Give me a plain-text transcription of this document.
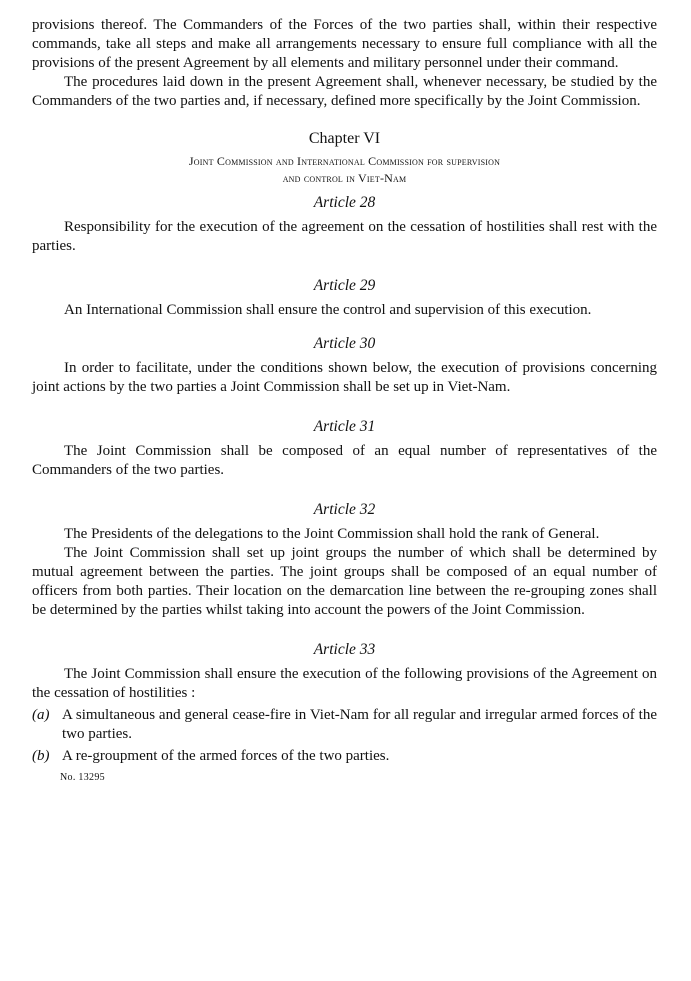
provisions thereof. The Commanders of the Forces of the two parties shall, within their respective commands, take all steps and make all arrangements necessary to ensure full compliance with all the provisions of the present Agreement by all elements and military personnel under their command.

The procedures laid down in the present Agreement shall, whenever necessary, be studied by the Commanders of the two parties and, if necessary, defined more specifically by the Joint Commission.

Chapter VI
Joint Commission and International Commission for supervision
and control in Viet-Nam
Article 28

Responsibility for the execution of the agreement on the cessation of hostilities shall rest with the parties.

Article 29

An International Commission shall ensure the control and supervision of this execution.

Article 30

In order to facilitate, under the conditions shown below, the execution of provisions concerning joint actions by the two parties a Joint Commission shall be set up in Viet-Nam.

Article 31

The Joint Commission shall be composed of an equal number of representatives of the Commanders of the two parties.

Article 32

The Presidents of the delegations to the Joint Commission shall hold the rank of General.

The Joint Commission shall set up joint groups the number of which shall be determined by mutual agreement between the parties. The joint groups shall be composed of an equal number of officers from both parties. Their location on the demarcation line between the re-grouping zones shall be determined by the parties whilst taking into account the powers of the Joint Commission.

Article 33

The Joint Commission shall ensure the execution of the following provisions of the Agreement on the cessation of hostilities :

(a) A simultaneous and general cease-fire in Viet-Nam for all regular and irregular armed forces of the two parties.
(b) A re-groupment of the armed forces of the two parties.
No. 13295
